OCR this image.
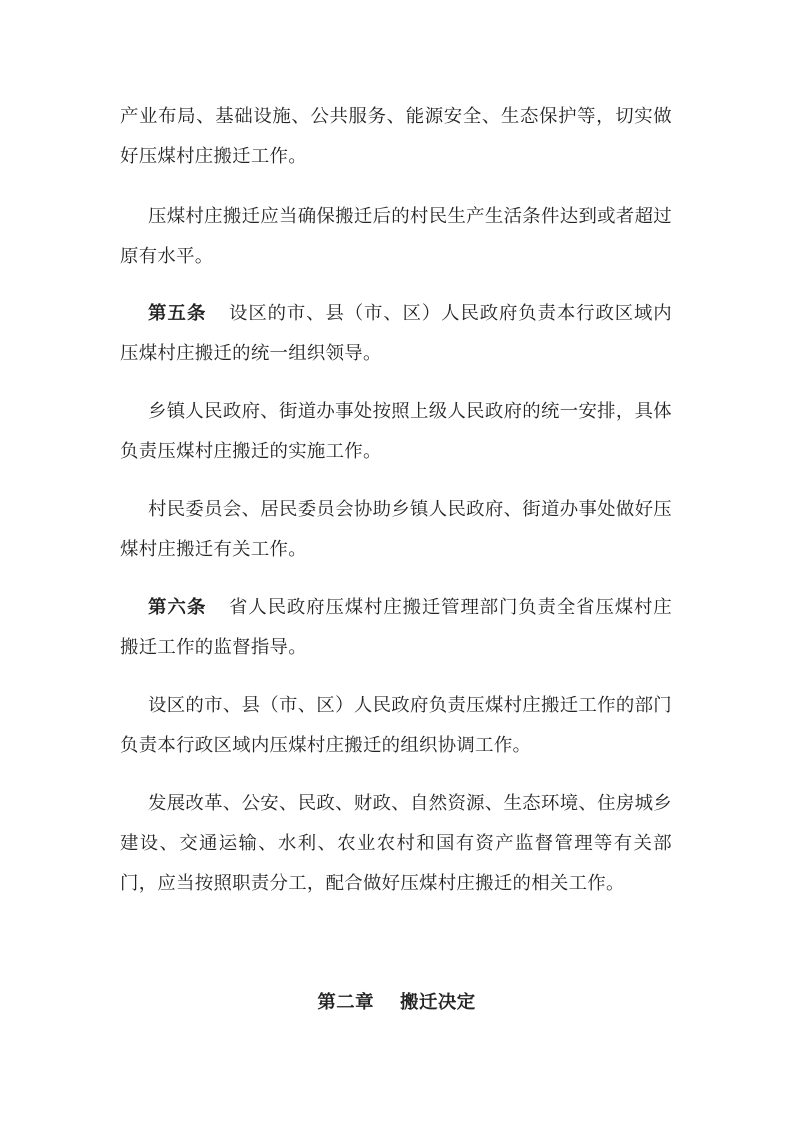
产业布局、基础设施、公共服务、能源安全、生态保护等，切实做好压煤村庄搬迁工作。

压煤村庄搬迁应当确保搬迁后的村民生产生活条件达到或者超过原有水平。

第五条 设区的市、县（市、区）人民政府负责本行政区域内压煤村庄搬迁的统一组织领导。

乡镇人民政府、街道办事处按照上级人民政府的统一安排，具体负责压煤村庄搬迁的实施工作。

村民委员会、居民委员会协助乡镇人民政府、街道办事处做好压煤村庄搬迁有关工作。

第六条 省人民政府压煤村庄搬迁管理部门负责全省压煤村庄搬迁工作的监督指导。

设区的市、县（市、区）人民政府负责压煤村庄搬迁工作的部门负责本行政区域内压煤村庄搬迁的组织协调工作。

发展改革、公安、民政、财政、自然资源、生态环境、住房城乡建设、交通运输、水利、农业农村和国有资产监督管理等有关部门，应当按照职责分工，配合做好压煤村庄搬迁的相关工作。

第二章 搬迁决定
